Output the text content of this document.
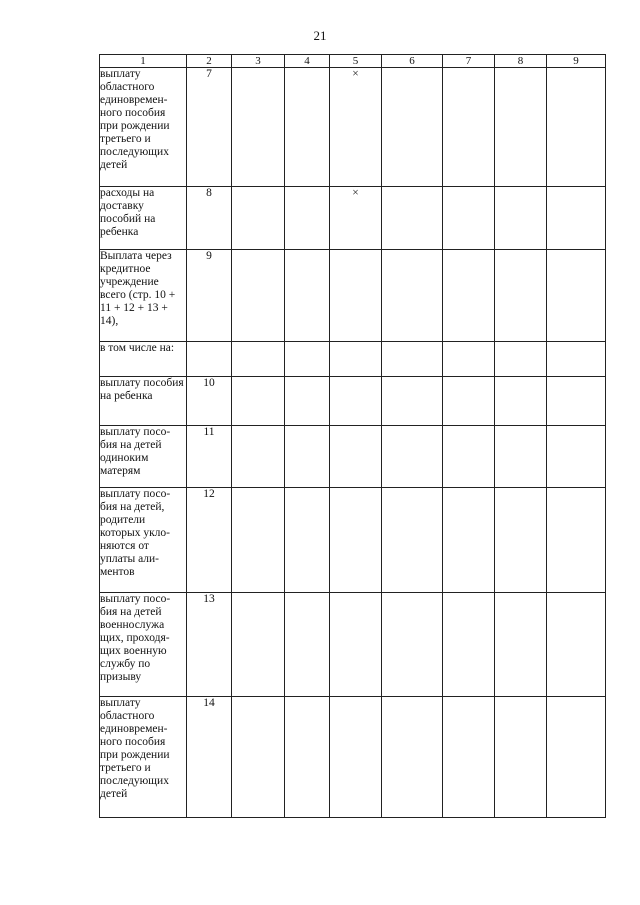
21
1	2	3	4	5	6	7	8	9
выплату областного единовремен-ного пособия при рождении третьего и последующих детей	7			×				
расходы на доставку пособий на ребенка	8			×				
Выплата через кредитное учреждение всего (стр. 10 + 11 + 12 + 13 + 14),	9							
в том числе на:								
выплату пособия на ребенка	10							
выплату посо-бия на детей одиноким матерям	11							
выплату посо-бия на детей, родители которых укло-няются от уплаты али-ментов	12							
выплату посо-бия на детей военнослужа щих, проходя-щих военную службу по призыву	13							
выплату областного единовремен-ного пособия при рождении третьего и последующих детей	14							
